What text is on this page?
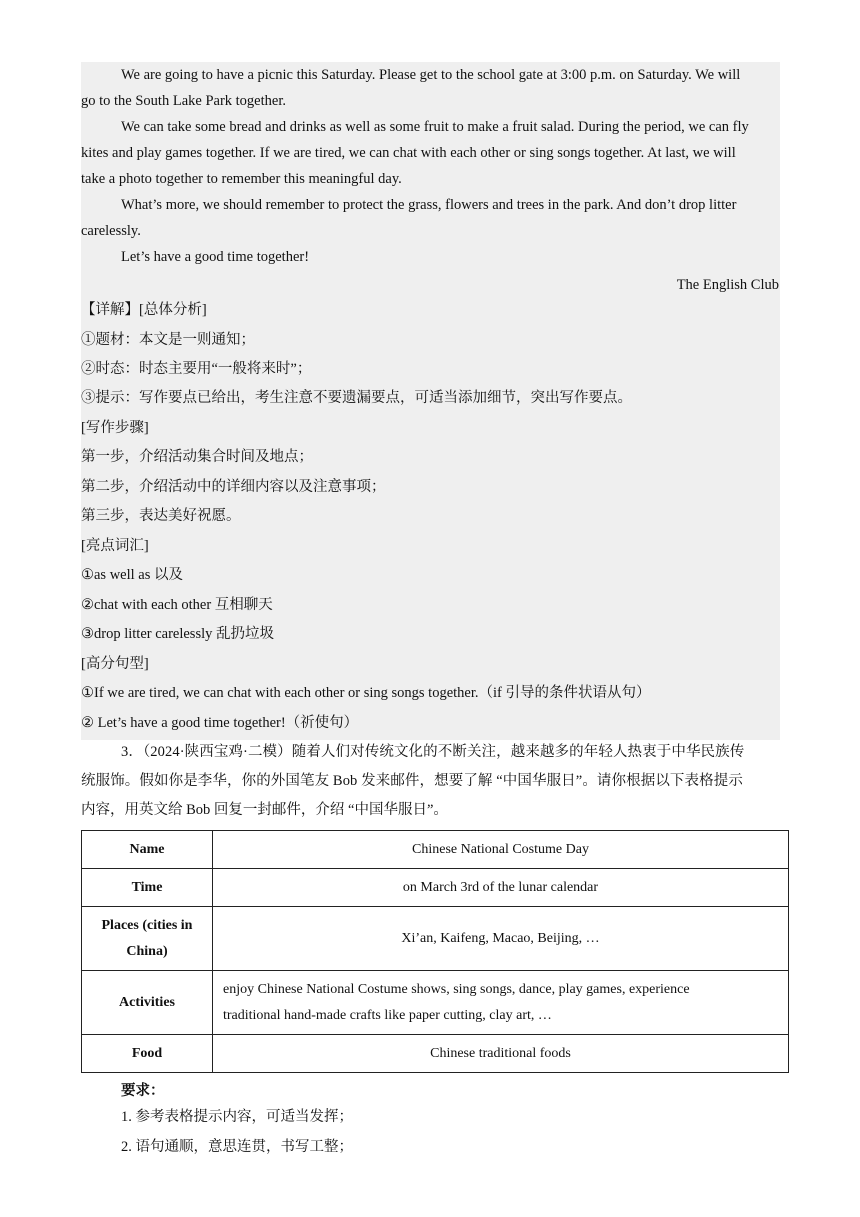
We are going to have a picnic this Saturday. Please get to the school gate at 3:00 p.m. on Saturday. We will
go to the South Lake Park together.
We can take some bread and drinks as well as some fruit to make a fruit salad. During the period, we can fly
kites and play games together. If we are tired, we can chat with each other or sing songs together. At last, we will
take a photo together to remember this meaningful day.
What’s more, we should remember to protect the grass, flowers and trees in the park. And don’t drop litter
carelessly.
Let’s have a good time together!
The English Club
【详解】[总体分析]
①题材：本文是一则通知；
②时态：时态主要用“一般将来时”；
③提示：写作要点已给出，考生注意不要遗漏要点，可适当添加细节，突出写作要点。
[写作步骤]
第一步，介绍活动集合时间及地点；
第二步，介绍活动中的详细内容以及注意事项；
第三步，表达美好祝愿。
[亮点词汇]
①as well as 以及
②chat with each other 互相聊天
③drop litter carelessly 乱扔垃圾
[高分句型]
①If we are tired, we can chat with each other or sing songs together.（if 引导的条件状语从句）
② Let’s have a good time together!（祈使句）
3．（2024·陕西宝鸡·二模）随着人们对传统文化的不断关注，越来越多的年轻人热衷于中华民族传
统服饰。假如你是李华，你的外国笔友 Bob 发来邮件，想要了解 “中国华服日”。请你根据以下表格提示
内容，用英文给 Bob 回复一封邮件，介绍 “中国华服日”。
Name	Chinese National Costume Day
Time	on March 3rd of the lunar calendar

Places (cities in
China)	Xi’an, Kaifeng, Macao, Beijing, …
Activities	enjoy Chinese National Costume shows, sing songs, dance, play games, experience
traditional hand-made crafts like paper cutting, clay art, …

Food	Chinese traditional foods
要求：
1. 参考表格提示内容，可适当发挥；
2. 语句通顺，意思连贯，书写工整；
